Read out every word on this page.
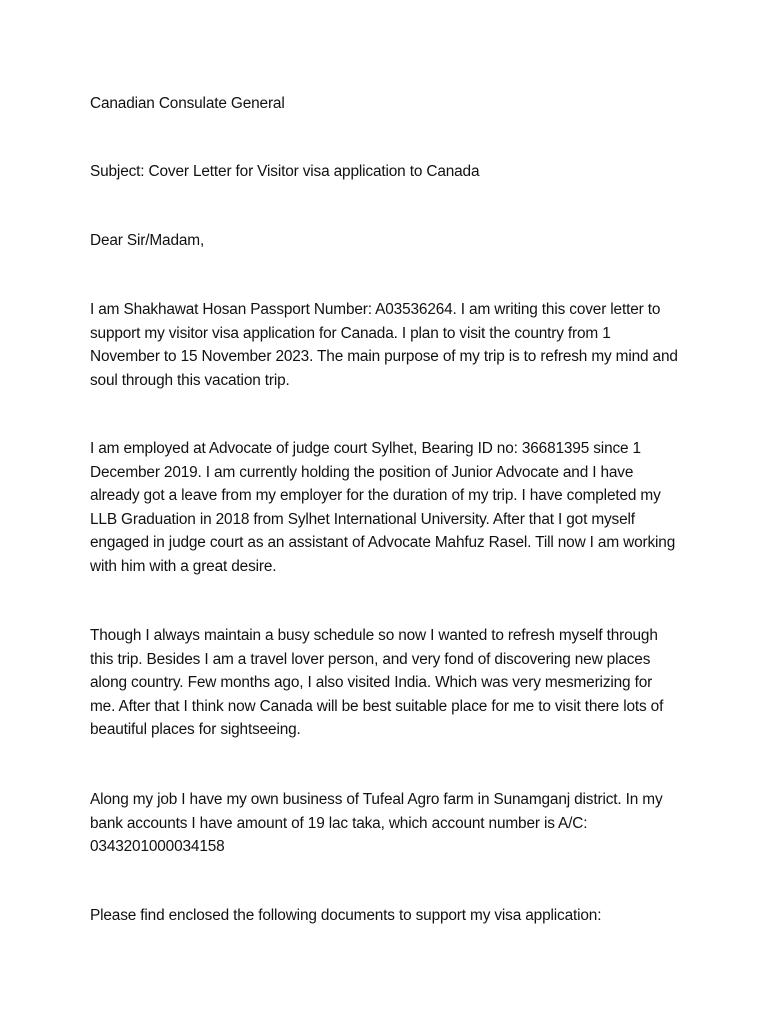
Canadian Consulate General

Subject: Cover Letter for Visitor visa application to Canada

Dear Sir/Madam,

I am Shakhawat Hosan Passport Number: A03536264. I am writing this cover letter to support my visitor visa application for Canada. I plan to visit the country from 1 November to 15 November 2023. The main purpose of my trip is to refresh my mind and soul through this vacation trip.

I am employed at Advocate of judge court Sylhet, Bearing ID no: 36681395 since 1 December 2019. I am currently holding the position of Junior Advocate and I have already got a leave from my employer for the duration of my trip. I have completed my LLB Graduation in 2018 from Sylhet International University. After that I got myself engaged in judge court as an assistant of Advocate Mahfuz Rasel. Till now I am working with him with a great desire.

Though I always maintain a busy schedule so now I wanted to refresh myself through this trip. Besides I am a travel lover person, and very fond of discovering new places along country. Few months ago, I also visited India. Which was very mesmerizing for me. After that I think now Canada will be best suitable place for me to visit there lots of beautiful places for sightseeing.

Along my job I have my own business of Tufeal Agro farm in Sunamganj district. In my bank accounts I have amount of 19 lac taka, which account number is A/C: 0343201000034158

Please find enclosed the following documents to support my visa application:
